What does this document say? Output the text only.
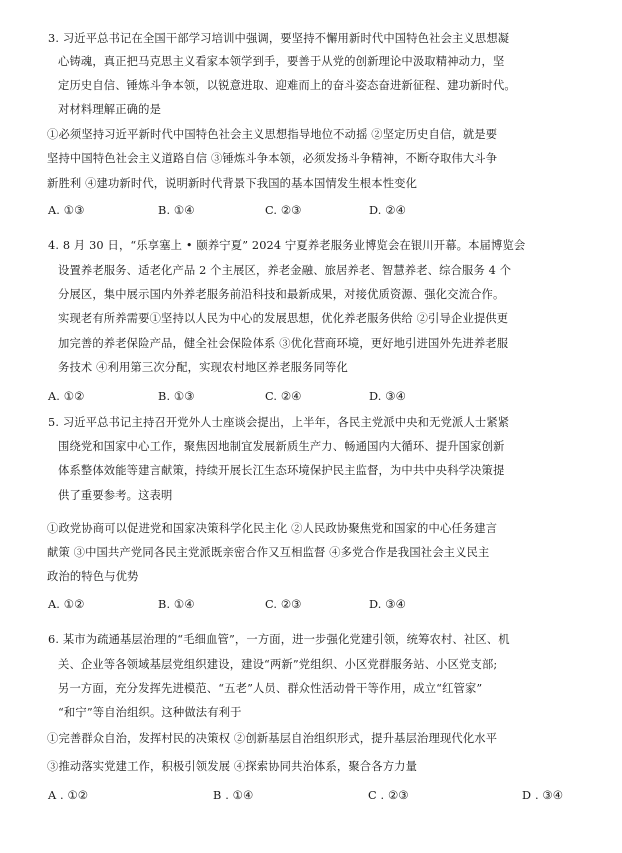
3. 习近平总书记在全国干部学习培训中强调，要坚持不懈用新时代中国特色社会主义思想凝
心铸魂，真正把马克思主义看家本领学到手，要善于从党的创新理论中汲取精神动力，坚
定历史自信、锤炼斗争本领，以锐意进取、迎难而上的奋斗姿态奋进新征程、建功新时代。
对材料理解正确的是
①必须坚持习近平新时代中国特色社会主义思想指导地位不动摇 ②坚定历史自信，就是要
坚持中国特色社会主义道路自信 ③锤炼斗争本领，必须发扬斗争精神，不断夺取伟大斗争
新胜利 ④建功新时代，说明新时代背景下我国的基本国情发生根本性变化
A. ①③	B. ①④	C. ②③	D. ②④
4. 8 月 30 日，“乐享塞上 • 颐养宁夏” 2024 宁夏养老服务业博览会在银川开幕。本届博览会
设置养老服务、适老化产品 2 个主展区，养老金融、旅居养老、智慧养老、综合服务 4 个
分展区，集中展示国内外养老服务前沿科技和最新成果，对接优质资源、强化交流合作。
实现老有所养需要①坚持以人民为中心的发展思想，优化养老服务供给 ②引导企业提供更
加完善的养老保险产品，健全社会保险体系 ③优化营商环境，更好地引进国外先进养老服
务技术 ④利用第三次分配，实现农村地区养老服务同等化
A. ①②	B. ①③	C. ②④	D. ③④
5. 习近平总书记主持召开党外人士座谈会提出，上半年，各民主党派中央和无党派人士紧紧
围绕党和国家中心工作，聚焦因地制宜发展新质生产力、畅通国内大循环、提升国家创新
体系整体效能等建言献策，持续开展长江生态环境保护民主监督，为中共中央科学决策提
供了重要参考。这表明
①政党协商可以促进党和国家决策科学化民主化 ②人民政协聚焦党和国家的中心任务建言
献策 ③中国共产党同各民主党派既亲密合作又互相监督 ④多党合作是我国社会主义民主
政治的特色与优势
A. ①②	B. ①④	C. ②③	D. ③④
6. 某市为疏通基层治理的“毛细血管”，一方面，进一步强化党建引领，统筹农村、社区、机
关、企业等各领域基层党组织建设，建设“两新”党组织、小区党群服务站、小区党支部;
另一方面，充分发挥先进模范、“五老”人员、群众性活动骨干等作用，成立“红管家”
“和宁”等自治组织。这种做法有利于
①完善群众自治，发挥村民的决策权 ②创新基层自治组织形式，提升基层治理现代化水平
③推动落实党建工作，积极引领发展 ④探索协同共治体系，聚合各方力量
A . ①②	B . ①④	C . ②③	D . ③④
